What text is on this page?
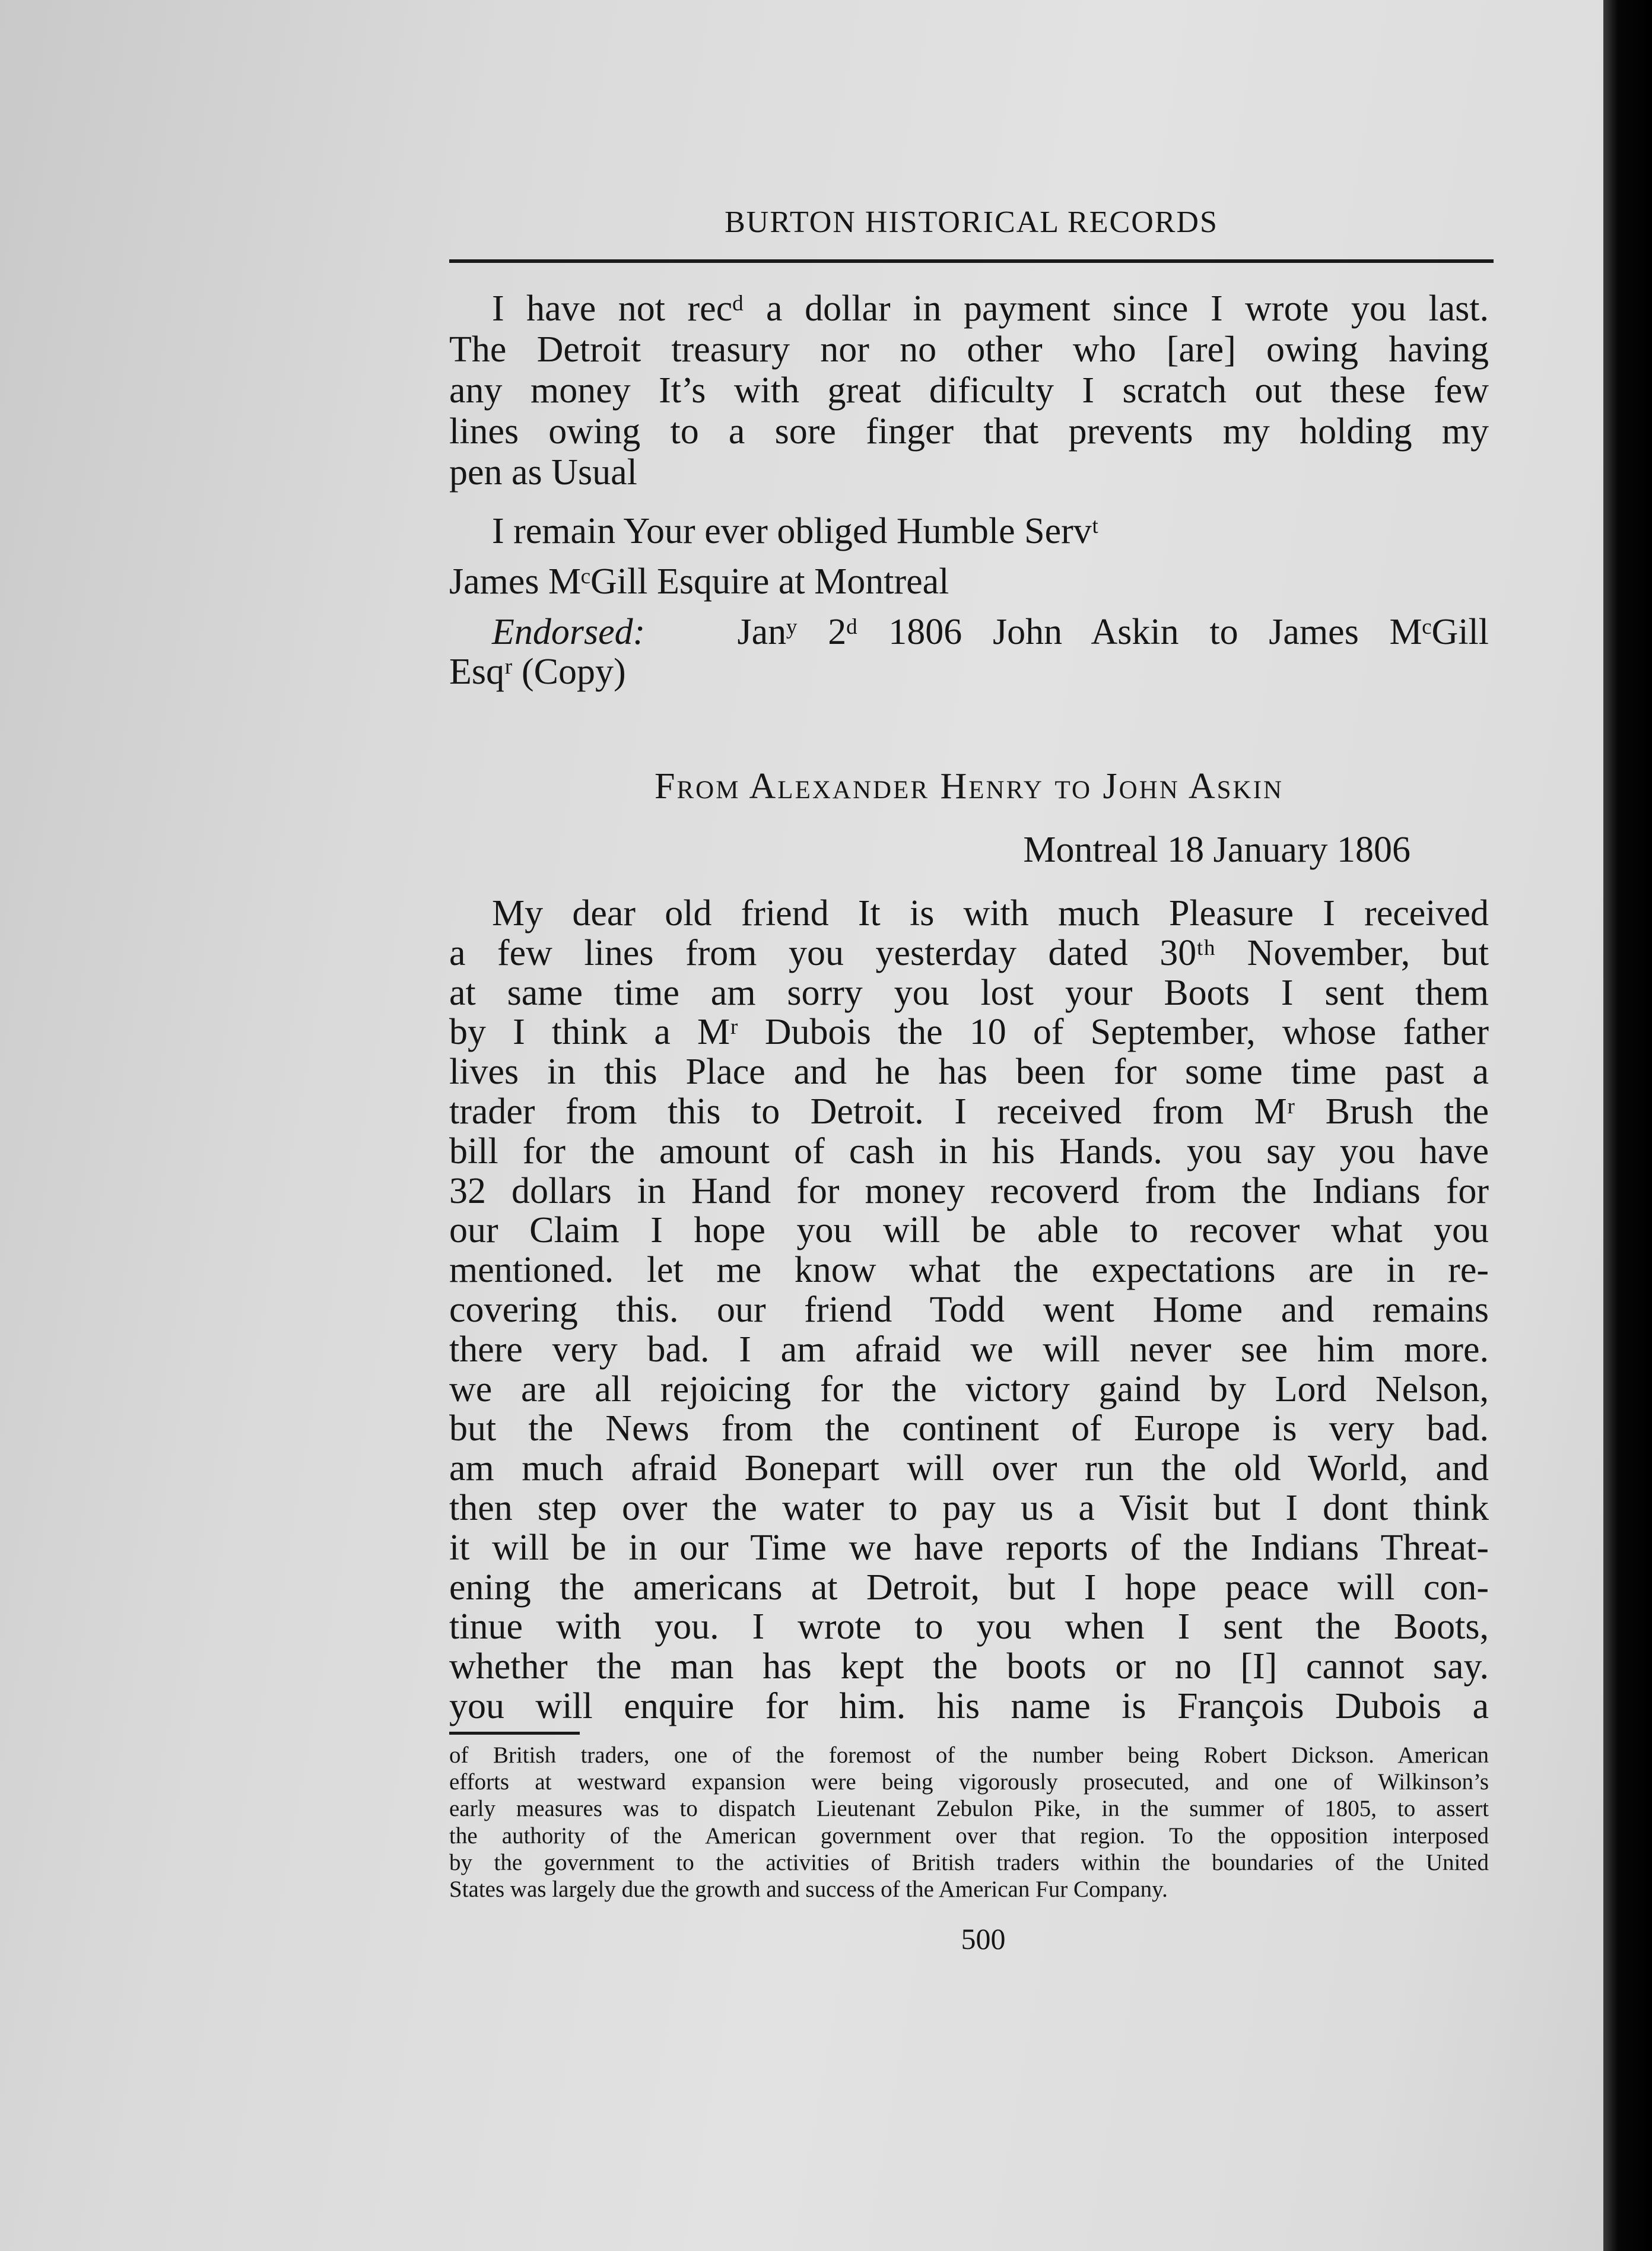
BURTON HISTORICAL RECORDS
I have not recᵈ a dollar in payment since I wrote you last.
The Detroit treasury nor no other who [are] owing having
any money It’s with great dificulty I scratch out these few
lines owing to a sore finger that prevents my holding my
pen as Usual
I remain Your ever obliged Humble Servᵗ
James MᶜGill Esquire at Montreal
Endorsed:	Janʸ 2ᵈ 1806 John Askin to James MᶜGill
Esqʳ (Copy)
From Alexander Henry to John Askin
Montreal 18 January 1806
My dear old friend It is with much Pleasure I received
a few lines from you yesterday dated 30ᵗʰ November, but
at same time am sorry you lost your Boots I sent them
by I think a Mʳ Dubois the 10 of September, whose father
lives in this Place and he has been for some time past a
trader from this to Detroit. I received from Mʳ Brush the
bill for the amount of cash in his Hands. you say you have
32 dollars in Hand for money recoverd from the Indians for
our Claim I hope you will be able to recover what you
mentioned. let me know what the expectations are in re-
covering this. our friend Todd went Home and remains
there very bad. I am afraid we will never see him more.
we are all rejoicing for the victory gaind by Lord Nelson,
but the News from the continent of Europe is very bad.
am much afraid Bonepart will over run the old World, and
then step over the water to pay us a Visit but I dont think
it will be in our Time we have reports of the Indians Threat-
ening the americans at Detroit, but I hope peace will con-
tinue with you. I wrote to you when I sent the Boots,
whether the man has kept the boots or no [I] cannot say.
you will enquire for him. his name is François Dubois a
of British traders, one of the foremost of the number being Robert Dickson. American
efforts at westward expansion were being vigorously prosecuted, and one of Wilkinson’s
early measures was to dispatch Lieutenant Zebulon Pike, in the summer of 1805, to assert
the authority of the American government over that region. To the opposition interposed
by the government to the activities of British traders within the boundaries of the United
States was largely due the growth and success of the American Fur Company.
500
